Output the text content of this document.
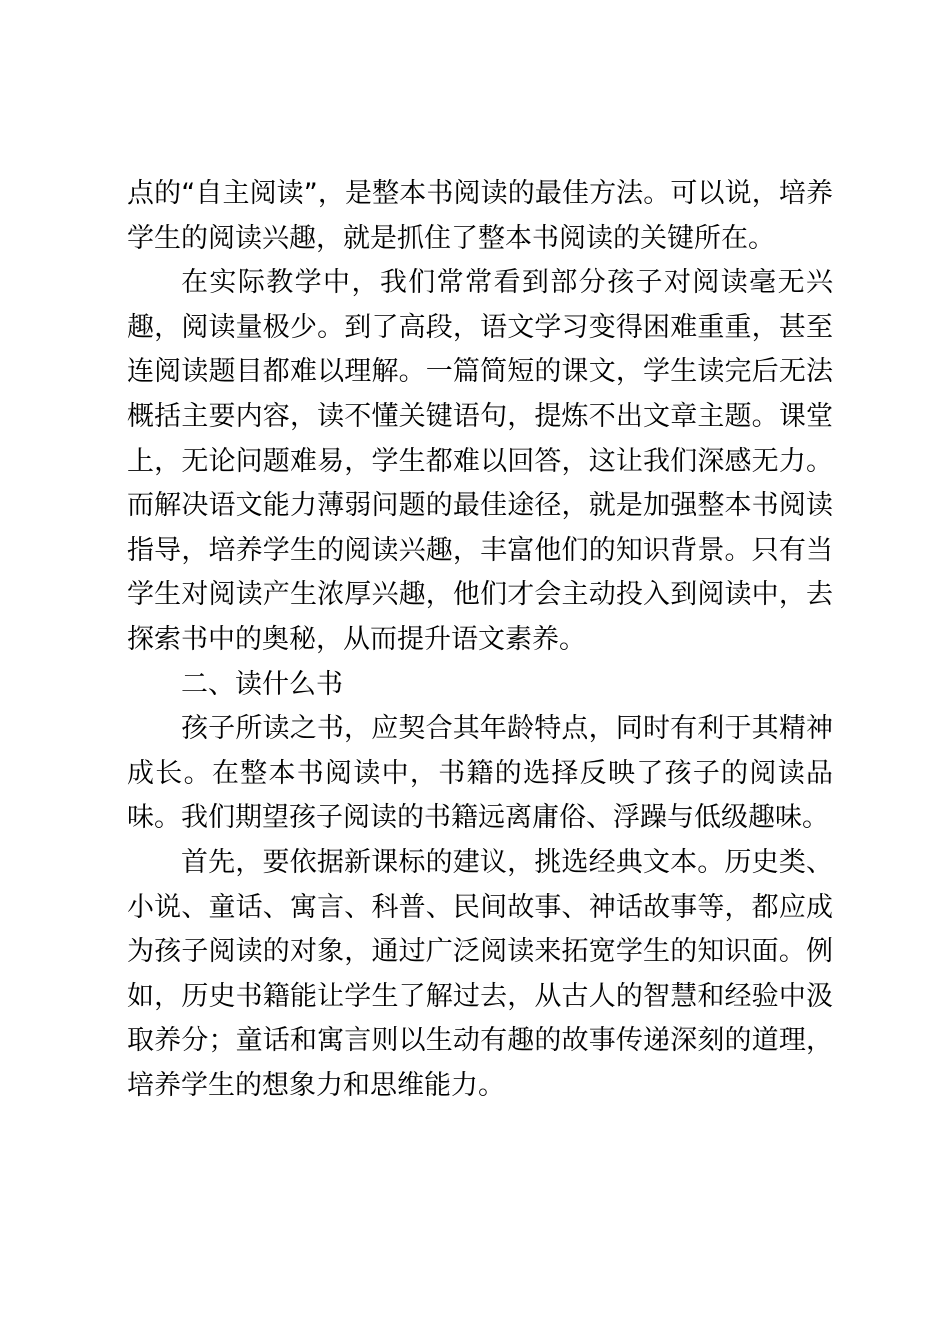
点的“自主阅读”，是整本书阅读的最佳方法。可以说，培养学生的阅读兴趣，就是抓住了整本书阅读的关键所在。

在实际教学中，我们常常看到部分孩子对阅读毫无兴趣，阅读量极少。到了高段，语文学习变得困难重重，甚至连阅读题目都难以理解。一篇简短的课文，学生读完后无法概括主要内容，读不懂关键语句，提炼不出文章主题。课堂上，无论问题难易，学生都难以回答，这让我们深感无力。而解决语文能力薄弱问题的最佳途径，就是加强整本书阅读指导，培养学生的阅读兴趣，丰富他们的知识背景。只有当学生对阅读产生浓厚兴趣，他们才会主动投入到阅读中，去探索书中的奥秘，从而提升语文素养。

二、读什么书

孩子所读之书，应契合其年龄特点，同时有利于其精神成长。在整本书阅读中，书籍的选择反映了孩子的阅读品味。我们期望孩子阅读的书籍远离庸俗、浮躁与低级趣味。

首先，要依据新课标的建议，挑选经典文本。历史类、小说、童话、寓言、科普、民间故事、神话故事等，都应成为孩子阅读的对象，通过广泛阅读来拓宽学生的知识面。例如，历史书籍能让学生了解过去，从古人的智慧和经验中汲取养分；童话和寓言则以生动有趣的故事传递深刻的道理，培养学生的想象力和思维能力。
